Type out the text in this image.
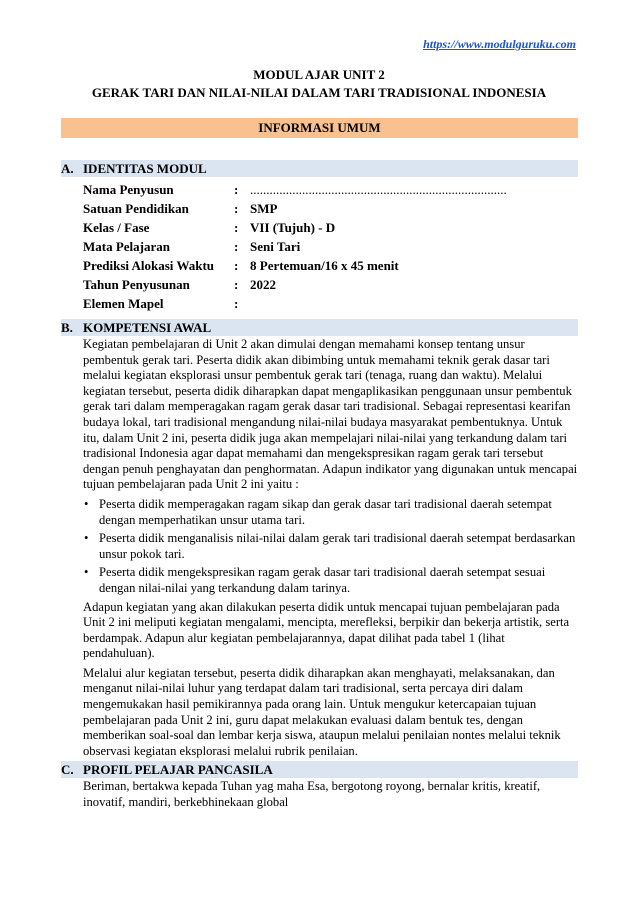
https://www.modulguruku.com
MODUL AJAR UNIT 2
GERAK TARI DAN NILAI-NILAI DALAM TARI TRADISIONAL INDONESIA
INFORMASI UMUM
A. IDENTITAS MODUL
Nama Penyusun	: ...............................................................................
Satuan Pendidikan	: SMP
Kelas / Fase	: VII (Tujuh) - D
Mata Pelajaran	: Seni Tari
Prediksi Alokasi Waktu : 8 Pertemuan/16 x 45 menit
Tahun Penyusunan	: 2022
Elemen Mapel	:
B. KOMPETENSI AWAL

Kegiatan pembelajaran di Unit 2 akan dimulai dengan memahami konsep tentang unsur pembentuk gerak tari. Peserta didik akan dibimbing untuk memahami teknik gerak dasar tari melalui kegiatan eksplorasi unsur pembentuk gerak tari (tenaga, ruang dan waktu). Melalui kegiatan tersebut, peserta didik diharapkan dapat mengaplikasikan penggunaan unsur pembentuk gerak tari dalam memperagakan ragam gerak dasar tari tradisional. Sebagai representasi kearifan budaya lokal, tari tradisional mengandung nilai-nilai budaya masyarakat pembentuknya. Untuk itu, dalam Unit 2 ini, peserta didik juga akan mempelajari nilai-nilai yang terkandung dalam tari tradisional Indonesia agar dapat memahami dan mengekspresikan ragam gerak tari tersebut dengan penuh penghayatan dan penghormatan. Adapun indikator yang digunakan untuk mencapai tujuan pembelajaran pada Unit 2 ini yaitu :

• Peserta didik memperagakan ragam sikap dan gerak dasar tari tradisional daerah setempat dengan memperhatikan unsur utama tari.
• Peserta didik menganalisis nilai-nilai dalam gerak tari tradisional daerah setempat berdasarkan unsur pokok tari.
• Peserta didik mengekspresikan ragam gerak dasar tari tradisional daerah setempat sesuai dengan nilai-nilai yang terkandung dalam tarinya.

Adapun kegiatan yang akan dilakukan peserta didik untuk mencapai tujuan pembelajaran pada Unit 2 ini meliputi kegiatan mengalami, mencipta, merefleksi, berpikir dan bekerja artistik, serta berdampak. Adapun alur kegiatan pembelajarannya, dapat dilihat pada tabel 1 (lihat pendahuluan).

Melalui alur kegiatan tersebut, peserta didik diharapkan akan menghayati, melaksanakan, dan menganut nilai-nilai luhur yang terdapat dalam tari tradisional, serta percaya diri dalam mengemukakan hasil pemikirannya pada orang lain. Untuk mengukur ketercapaian tujuan pembelajaran pada Unit 2 ini, guru dapat melakukan evaluasi dalam bentuk tes, dengan memberikan soal-soal dan lembar kerja siswa, ataupun melalui penilaian nontes melalui teknik observasi kegiatan eksplorasi melalui rubrik penilaian.

C. PROFIL PELAJAR PANCASILA

Beriman, bertakwa kepada Tuhan yag maha Esa, bergotong royong, bernalar kritis, kreatif, inovatif, mandiri, berkebhinekaan global
